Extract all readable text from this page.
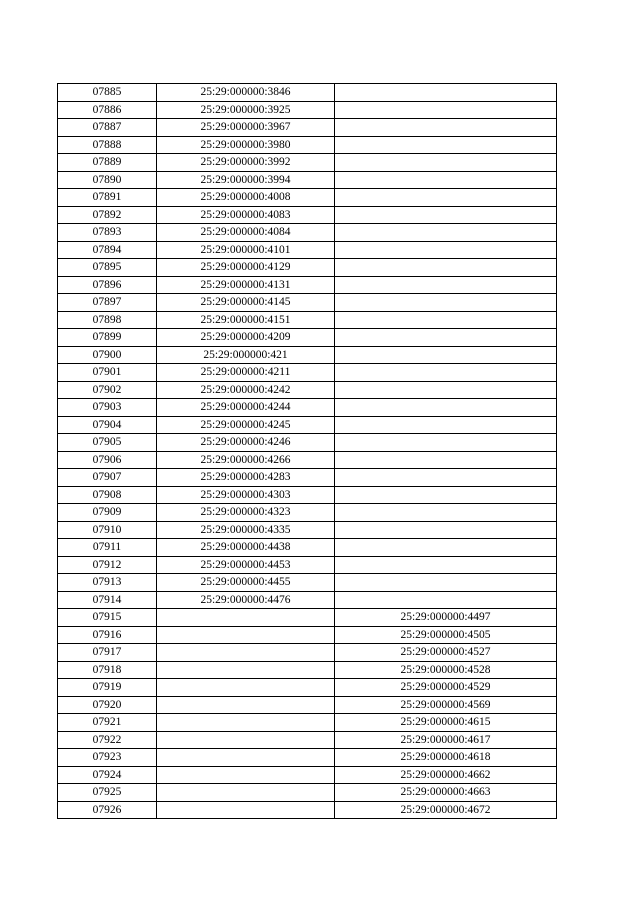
07885	25:29:000000:3846	
07886	25:29:000000:3925	
07887	25:29:000000:3967	
07888	25:29:000000:3980	
07889	25:29:000000:3992	
07890	25:29:000000:3994	
07891	25:29:000000:4008	
07892	25:29:000000:4083	
07893	25:29:000000:4084	
07894	25:29:000000:4101	
07895	25:29:000000:4129	
07896	25:29:000000:4131	
07897	25:29:000000:4145	
07898	25:29:000000:4151	
07899	25:29:000000:4209	
07900	25:29:000000:421	
07901	25:29:000000:4211	
07902	25:29:000000:4242	
07903	25:29:000000:4244	
07904	25:29:000000:4245	
07905	25:29:000000:4246	
07906	25:29:000000:4266	
07907	25:29:000000:4283	
07908	25:29:000000:4303	
07909	25:29:000000:4323	
07910	25:29:000000:4335	
07911	25:29:000000:4438	
07912	25:29:000000:4453	
07913	25:29:000000:4455	
07914	25:29:000000:4476	
07915		25:29:000000:4497
07916		25:29:000000:4505
07917		25:29:000000:4527
07918		25:29:000000:4528
07919		25:29:000000:4529
07920		25:29:000000:4569
07921		25:29:000000:4615
07922		25:29:000000:4617
07923		25:29:000000:4618
07924		25:29:000000:4662
07925		25:29:000000:4663
07926		25:29:000000:4672
